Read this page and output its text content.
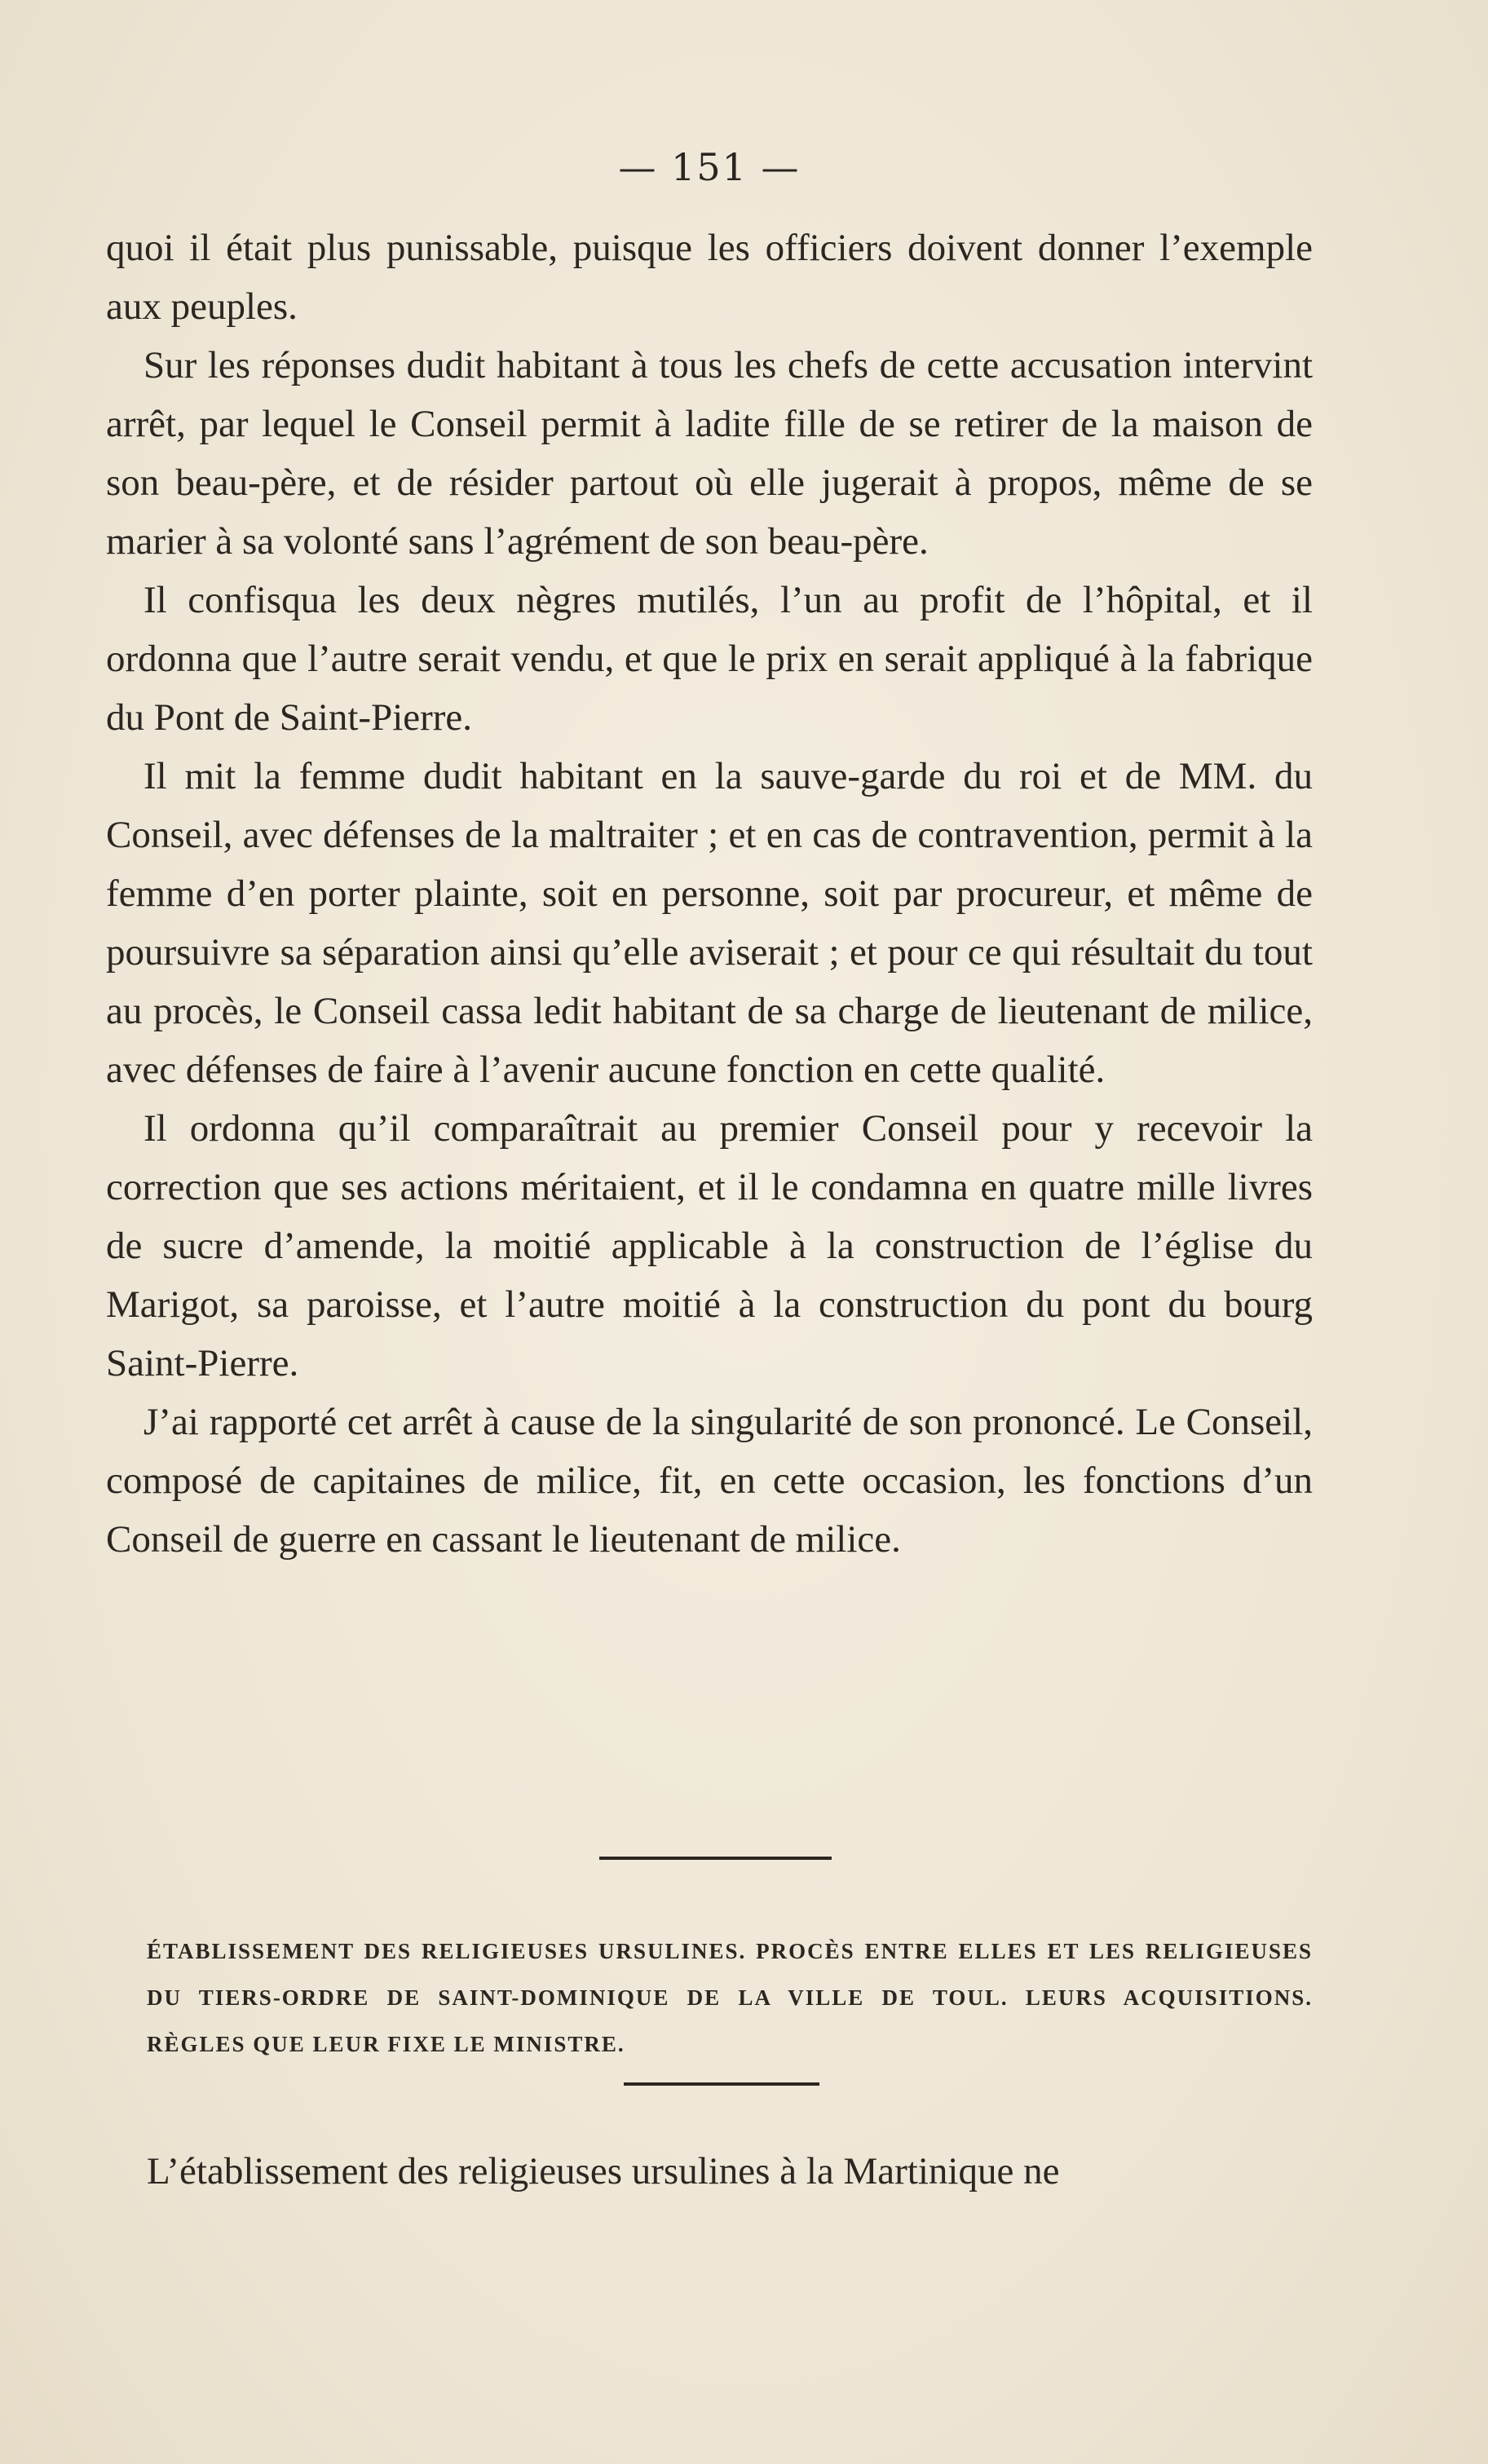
— 151 —

quoi il était plus punissable, puisque les officiers doivent donner l’exemple aux peuples.

Sur les réponses dudit habitant à tous les chefs de cette accusation intervint arrêt, par lequel le Conseil permit à ladite fille de se retirer de la maison de son beau-père, et de résider partout où elle jugerait à propos, même de se marier à sa volonté sans l’agrément de son beau-père.

Il confisqua les deux nègres mutilés, l’un au profit de l’hôpital, et il ordonna que l’autre serait vendu, et que le prix en serait appliqué à la fabrique du Pont de Saint-Pierre.

Il mit la femme dudit habitant en la sauve-garde du roi et de MM. du Conseil, avec défenses de la maltraiter ; et en cas de contravention, permit à la femme d’en porter plainte, soit en personne, soit par procureur, et même de poursuivre sa séparation ainsi qu’elle aviserait ; et pour ce qui résultait du tout au procès, le Conseil cassa ledit habitant de sa charge de lieutenant de milice, avec défenses de faire à l’avenir aucune fonction en cette qualité.

Il ordonna qu’il comparaîtrait au premier Conseil pour y recevoir la correction que ses actions méritaient, et il le condamna en quatre mille livres de sucre d’amende, la moitié applicable à la construction de l’église du Marigot, sa paroisse, et l’autre moitié à la construction du pont du bourg Saint-Pierre.

J’ai rapporté cet arrêt à cause de la singularité de son prononcé. Le Conseil, composé de capitaines de milice, fit, en cette occasion, les fonctions d’un Conseil de guerre en cassant le lieutenant de milice.

ÉTABLISSEMENT DES RELIGIEUSES URSULINES. PROCÈS ENTRE ELLES ET LES RELIGIEUSES DU TIERS-ORDRE DE SAINT-DOMINIQUE DE LA VILLE DE TOUL. LEURS ACQUISITIONS. RÈGLES QUE LEUR FIXE LE MINISTRE.
L’établissement des religieuses ursulines à la Martinique ne
